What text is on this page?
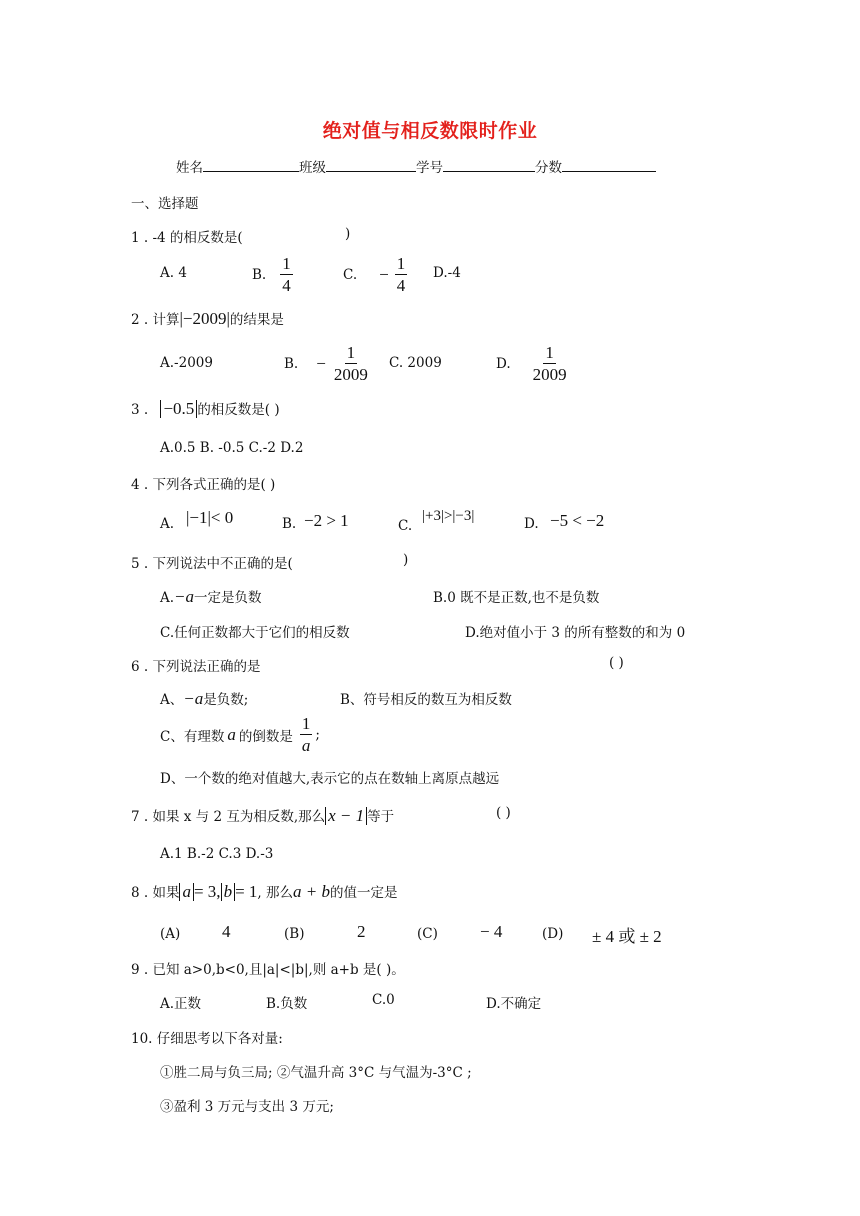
绝对值与相反数限时作业
姓名	班级	学号	分数
一、选择题
1 . -4 的相反数是(	)
A. 4	B. $\frac{1}{4}$	C. − $\frac{1}{4} D.-4$
2 . 计算|−2009|的结果是
A.-2009	B. − $\frac{1}{2009} C$. 2009	D. $\frac{1}{2009}$
3 . −0.5 的相反数是( )
A.0.5 B. -0.5 C.-2 D.2
4 . 下列各式正确的是( )
A. |−1|< 0	B. −2 > 1	C.
|+3|>|−3|	D. −5 < −2
5 . 下列说法中不正确的是(	)
A.−a一定是负数	B.0 既不是正数,也不是负数
C.任何正数都大于它们的相反数	D.绝对值小于 3 的所有整数的和为 0
6 . 下列说法正确的是	( )
A、−a是负数;	B、符号相反的数互为相反数
C、有理数 a 的倒数是 $\frac{1}{a}$ ;
D、一个数的绝对值越大,表示它的点在数轴上离原点越远
7 . 如果 x 与 2 互为相反数,那么 x − 1 等于	( )
A.1 B.-2 C.3 D.-3
8 . 如果 a = 3, b = 1, 那么a + b的值一定是
(A) 4	(B)	2	(C) − 4	(D) ± 4 或 ± 2
9 . 已知 a>0,b<0,且|a|<|b|,则 a+b 是( )。
A.正数	B.负数	C.0	D.不确定
10. 仔细思考以下各对量:
①胜二局与负三局; ②气温升高 3°C 与气温为-3°C ;
③盈利 3 万元与支出 3 万元;
